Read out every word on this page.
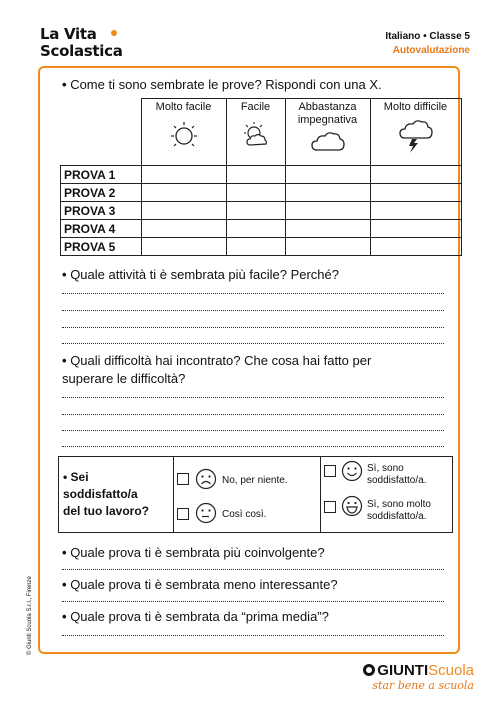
La Vita
Scolastica
Italiano • Classe 5
Autovalutazione
• Come ti sono sembrate le prove? Rispondi con una X.

	Molto facile	Facile	Abbastanza impegnativa	Molto difficile

PROVA 1				
PROVA 2				
PROVA 3				
PROVA 4				
PROVA 5				
• Quale attività ti è sembrata più facile? Perché?
• Quali difficoltà hai incontrato? Che cosa hai fatto per
superare le difficoltà?
• Sei
soddisfatto/a
del tuo lavoro?
No, per niente.
Così così.
Sì, sono
soddisfatto/a.
Sì, sono molto
soddisfatto/a.
• Quale prova ti è sembrata più coinvolgente?
• Quale prova ti è sembrata meno interessante?
• Quale prova ti è sembrata da “prima media”?
© Giunti Scuola S.r.l., Firenze
GIUNTIScuola
star bene a scuola
